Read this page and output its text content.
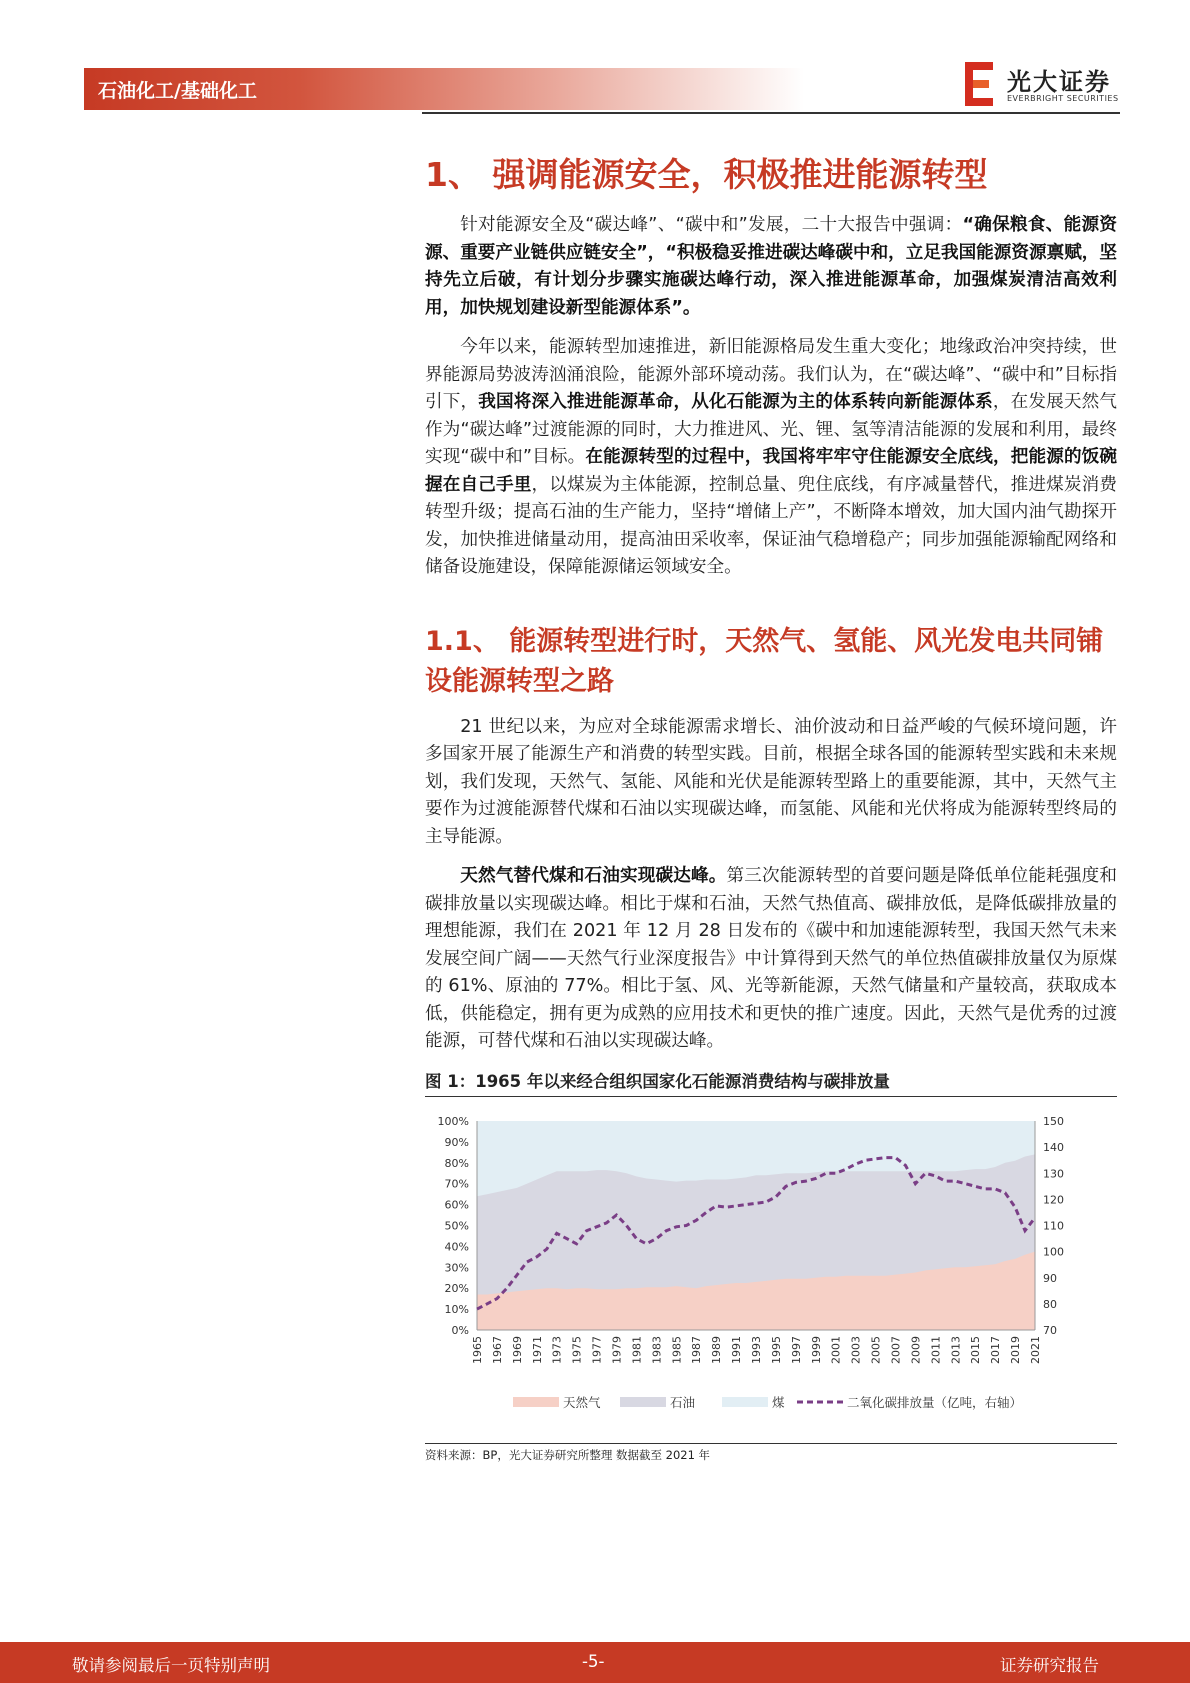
石油化工/基础化工	光大证券
EVERBRIGHT SECURITIES
1、 强调能源安全，积极推进能源转型

针对能源安全及“碳达峰”、“碳中和”发展，二十大报告中强调：“确保粮食、能源资源、重要产业链供应链安全”，“积极稳妥推进碳达峰碳中和，立足我国能源资源禀赋，坚持先立后破，有计划分步骤实施碳达峰行动，深入推进能源革命，加强煤炭清洁高效利用，加快规划建设新型能源体系”。

今年以来，能源转型加速推进，新旧能源格局发生重大变化；地缘政治冲突持续，世界能源局势波涛汹涌浪险，能源外部环境动荡。我们认为，在“碳达峰”、“碳中和”目标指引下，我国将深入推进能源革命，从化石能源为主的体系转向新能源体系，在发展天然气作为“碳达峰”过渡能源的同时，大力推进风、光、锂、氢等清洁能源的发展和利用，最终实现“碳中和”目标。在能源转型的过程中，我国将牢牢守住能源安全底线，把能源的饭碗握在自己手里，以煤炭为主体能源，控制总量、兜住底线，有序减量替代，推进煤炭消费转型升级；提高石油的生产能力，坚持“增储上产”，不断降本增效，加大国内油气勘探开发，加快推进储量动用，提高油田采收率，保证油气稳增稳产；同步加强能源输配网络和储备设施建设，保障能源储运领域安全。

1.1、 能源转型进行时，天然气、氢能、风光发电共同铺设能源转型之路

21 世纪以来，为应对全球能源需求增长、油价波动和日益严峻的气候环境问题，许多国家开展了能源生产和消费的转型实践。目前，根据全球各国的能源转型实践和未来规划，我们发现，天然气、氢能、风能和光伏是能源转型路上的重要能源，其中，天然气主要作为过渡能源替代煤和石油以实现碳达峰，而氢能、风能和光伏将成为能源转型终局的主导能源。

天然气替代煤和石油实现碳达峰。第三次能源转型的首要问题是降低单位能耗强度和碳排放量以实现碳达峰。相比于煤和石油，天然气热值高、碳排放低，是降低碳排放量的理想能源，我们在 2021 年 12 月 28 日发布的《碳中和加速能源转型，我国天然气未来发展空间广阔——天然气行业深度报告》中计算得到天然气的单位热值碳排放量仅为原煤的 61%、原油的 77%。相比于氢、风、光等新能源，天然气储量和产量较高，获取成本低，供能稳定，拥有更为成熟的应用技术和更快的推广速度。因此，天然气是优秀的过渡能源，可替代煤和石油以实现碳达峰。

图 1：1965 年以来经合组织国家化石能源消费结构与碳排放量
0%
10%
20%
30%
40%
50%
60%
70%
80%
90%
100%
70
80
90
100
110
120
130
140
150
1965 1967 1969 1971 1973 1975 1977 1979 1981 1983 1985 1987 1989 1991 1993 1995 1997 1999 2001 2003 2005 2007 2009 2011 2013 2015 2017 2019 2021
天然气	石油	煤	二氧化碳排放量（亿吨，右轴）
资料来源：BP，光大证券研究所整理 数据截至 2021 年
敬请参阅最后一页特别声明	-5-	证券研究报告
